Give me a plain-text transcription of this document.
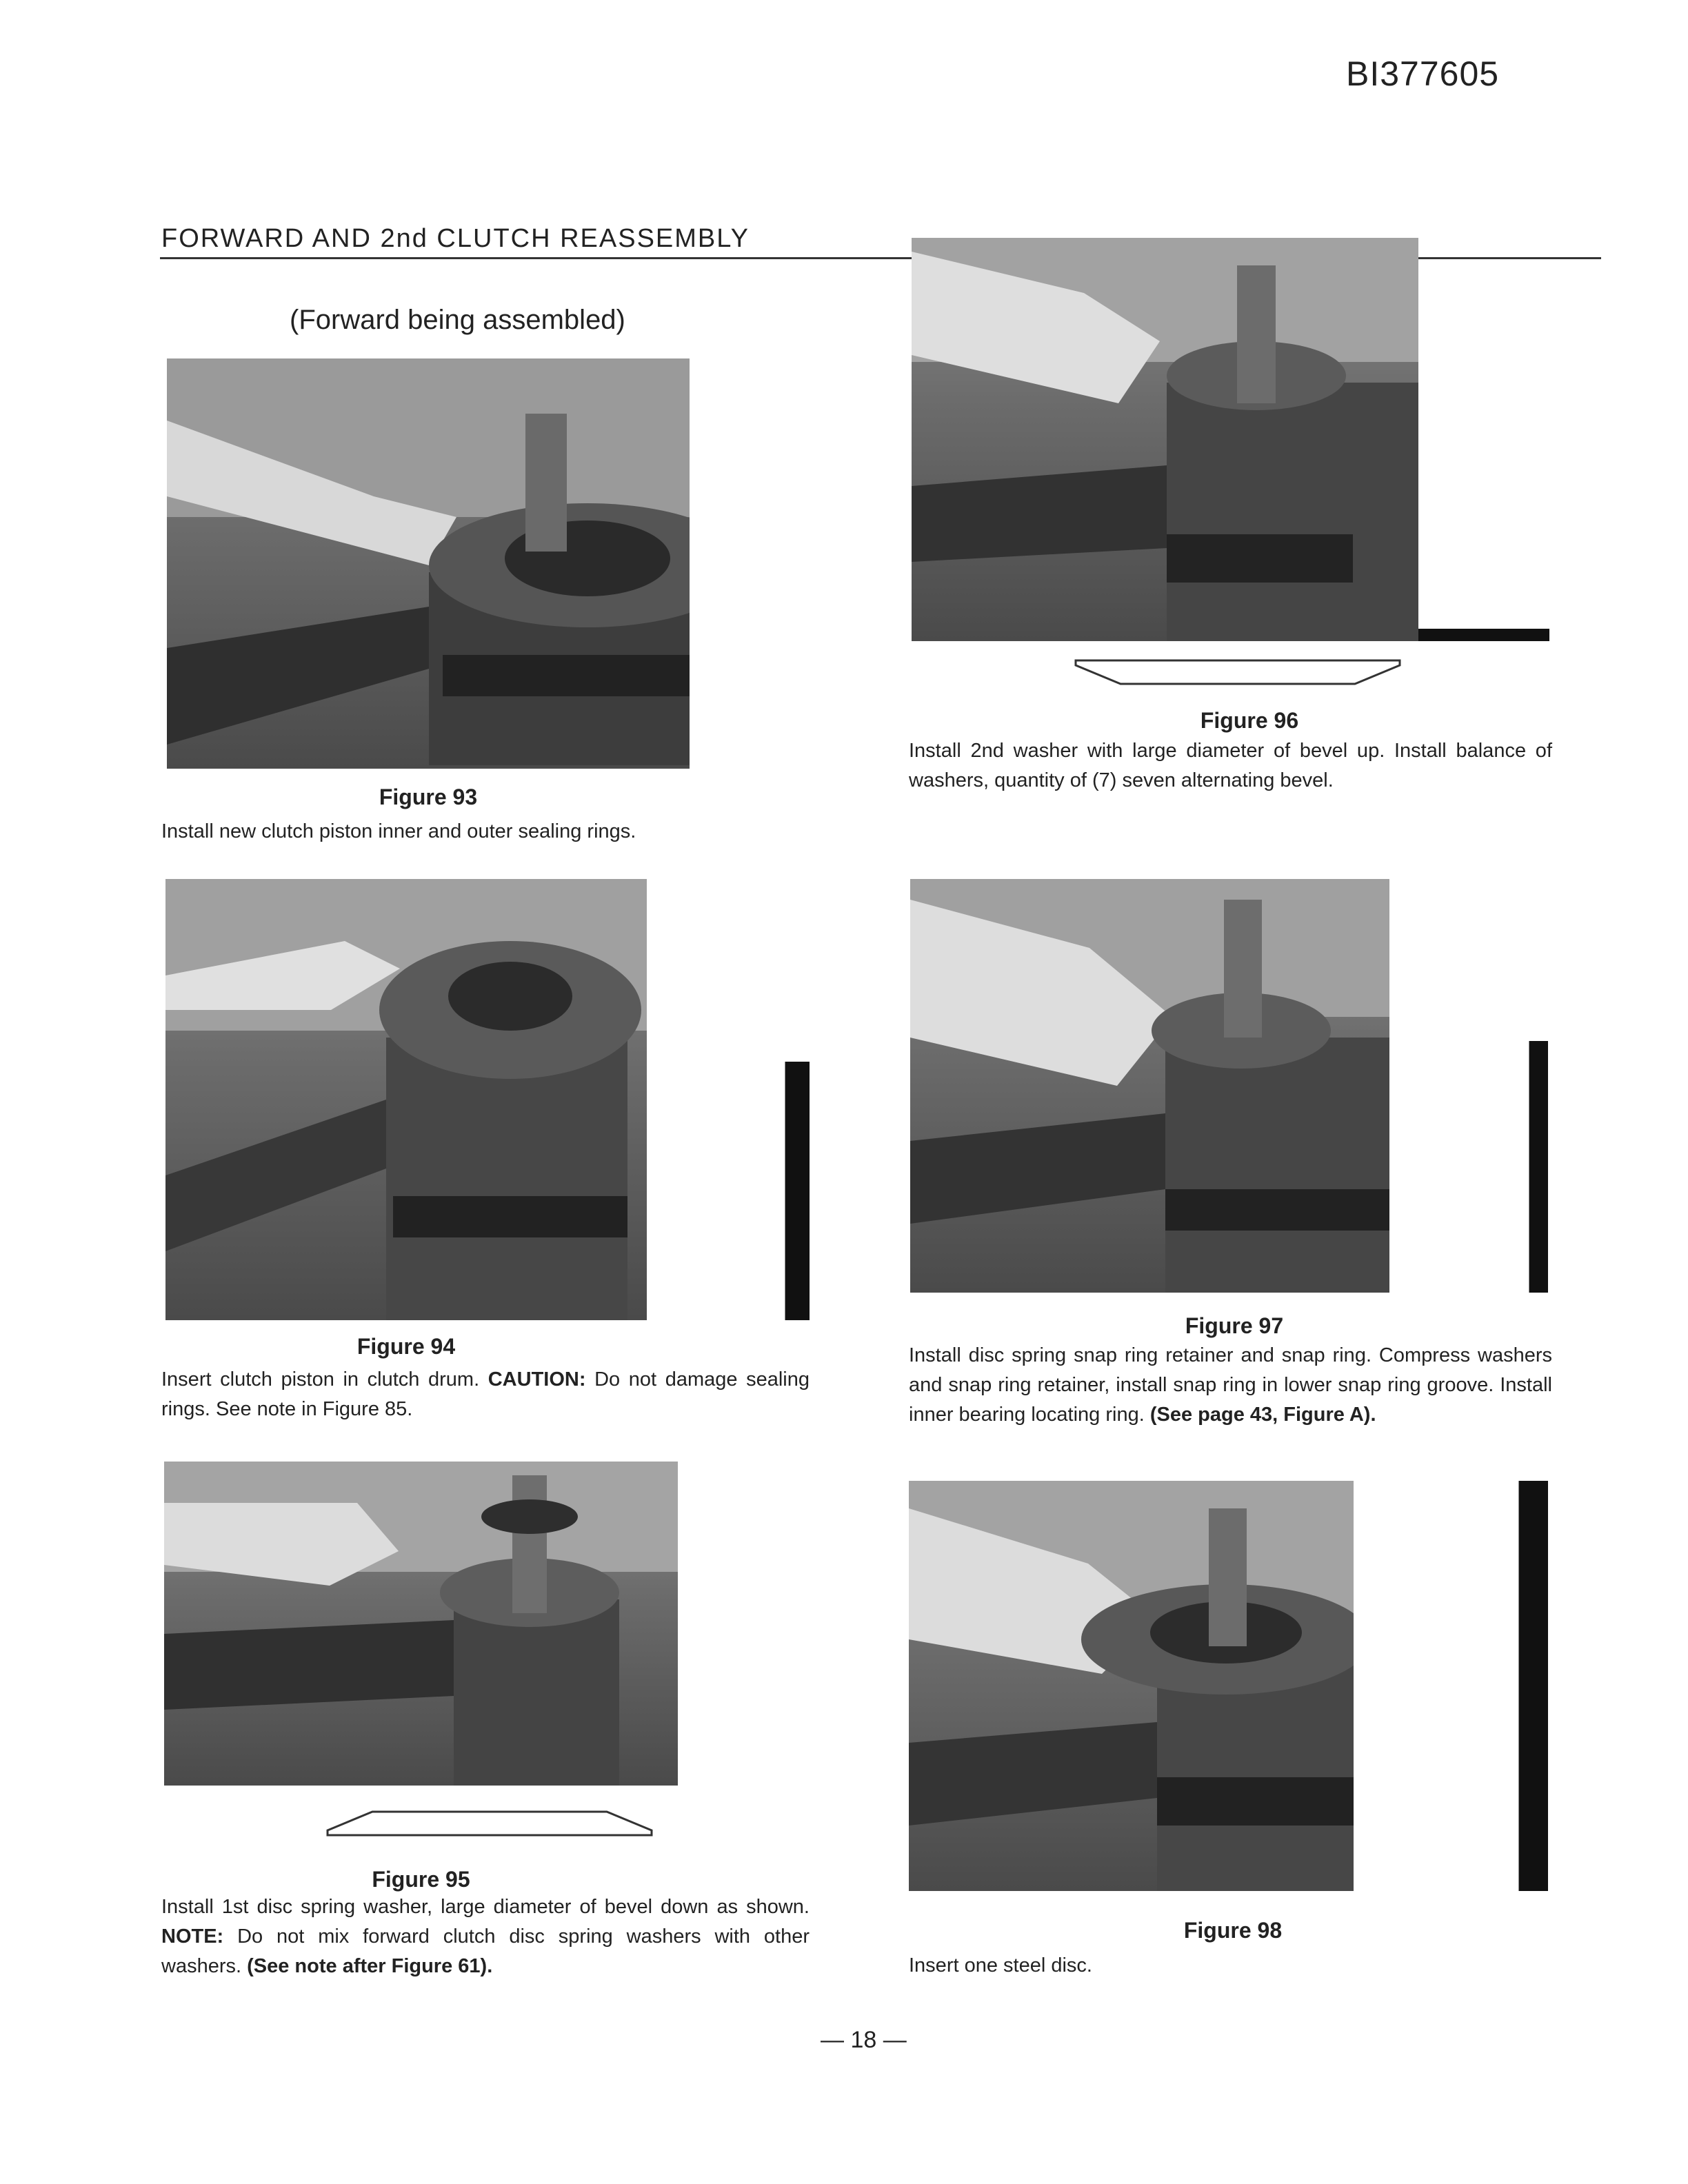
BI377605
FORWARD AND 2nd CLUTCH REASSEMBLY
(Forward being assembled)
Figure 93
Install new clutch piston inner and outer sealing rings.
Figure 94
Insert clutch piston in clutch drum. CAUTION: Do not damage sealing rings. See note in Figure 85.
Figure 95
Install 1st disc spring washer, large diameter of bevel down as shown. NOTE: Do not mix forward clutch disc spring washers with other washers. (See note after Figure 61).
Figure 96
Install 2nd washer with large diameter of bevel up. Install balance of washers, quantity of (7) seven alternating bevel.
Figure 97
Install disc spring snap ring retainer and snap ring. Compress washers and snap ring retainer, install snap ring in lower snap ring groove. Install inner bearing locating ring. (See page 43, Figure A).
Figure 98
Insert one steel disc.
— 18 —
